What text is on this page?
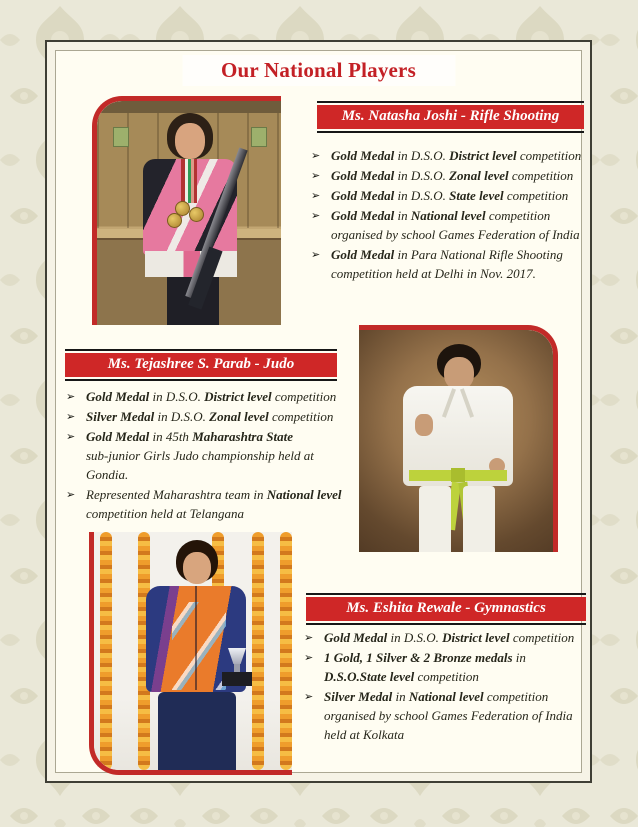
Our National Players
Ms. Natasha Joshi - Rifle Shooting
➢ Gold Medal in D.S.O. District level competition
➢ Gold Medal in D.S.O. Zonal level competition
➢ Gold Medal in D.S.O. State level competition
➢ Gold Medal in National level competition
organised by school Games Federation of India
➢ Gold Medal in Para National Rifle Shooting
competition held at Delhi in Nov. 2017.
Ms. Tejashree S. Parab - Judo
➢ Gold Medal in D.S.O. District level competition
➢ Silver Medal in D.S.O. Zonal level competition
➢ Gold Medal in 45th Maharashtra State
sub-junior Girls Judo championship held at
Gondia.
➢ Represented Maharashtra team in National level
competition held at Telangana
Ms. Eshita Rewale - Gymnastics
➢ Gold Medal in D.S.O. District level competition
➢ 1 Gold, 1 Silver & 2 Bronze medals in
D.S.O.State level competition
➢ Silver Medal in National level competition
organised by school Games Federation of India
held at Kolkata
